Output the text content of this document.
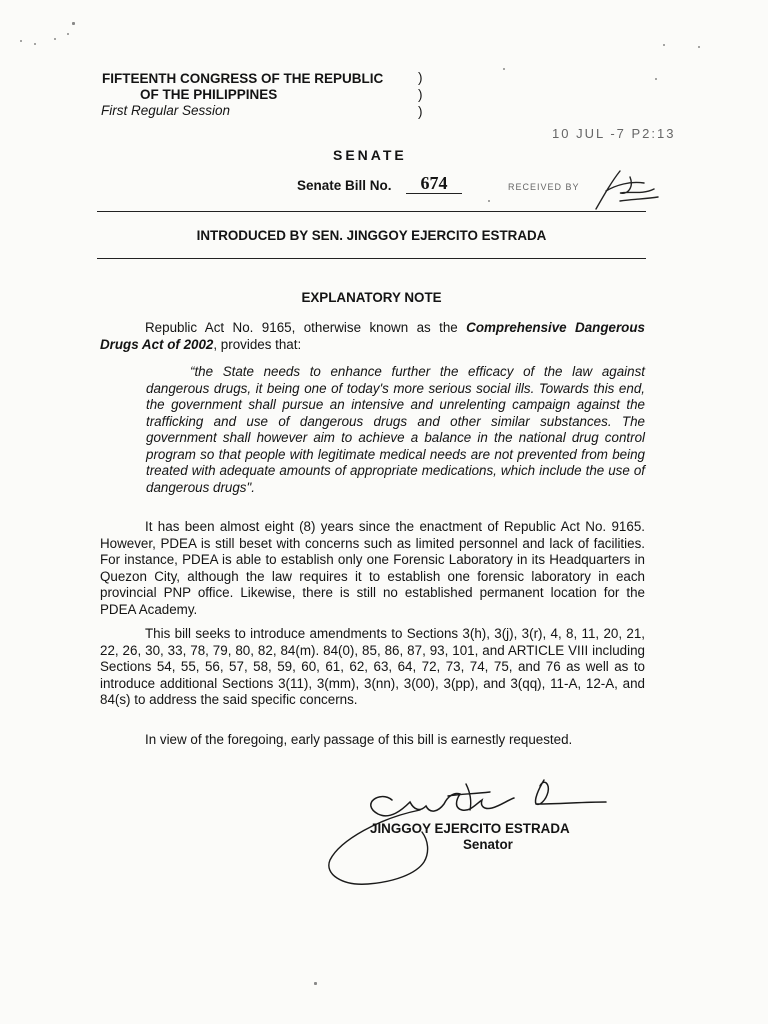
FIFTEENTH CONGRESS OF THE REPUBLIC	)
OF THE PHILIPPINES	)
First Regular Session	)
10 JUL -7 P2:13
RECEIVED BY
SENATE
Senate Bill No.	674
INTRODUCED BY SEN. JINGGOY EJERCITO ESTRADA
EXPLANATORY NOTE
Republic Act No. 9165, otherwise known as the Comprehensive Dangerous Drugs Act of 2002, provides that:
“the State needs to enhance further the efficacy of the law against dangerous drugs, it being one of today's more serious social ills. Towards this end, the government shall pursue an intensive and unrelenting campaign against the trafficking and use of dangerous drugs and other similar substances. The government shall however aim to achieve a balance in the national drug control program so that people with legitimate medical needs are not prevented from being treated with adequate amounts of appropriate medications, which include the use of dangerous drugs".
It has been almost eight (8) years since the enactment of Republic Act No. 9165. However, PDEA is still beset with concerns such as limited personnel and lack of facilities. For instance, PDEA is able to establish only one Forensic Laboratory in its Headquarters in Quezon City, although the law requires it to establish one forensic laboratory in each provincial PNP office. Likewise, there is still no established permanent location for the PDEA Academy.
This bill seeks to introduce amendments to Sections 3(h), 3(j), 3(r), 4, 8, 11, 20, 21, 22, 26, 30, 33, 78, 79, 80, 82, 84(m). 84(0), 85, 86, 87, 93, 101, and ARTICLE VIII including Sections 54, 55, 56, 57, 58, 59, 60, 61, 62, 63, 64, 72, 73, 74, 75, and 76 as well as to introduce additional Sections 3(11), 3(mm), 3(nn), 3(00), 3(pp), and 3(qq), 11-A, 12-A, and 84(s) to address the said specific concerns.
In view of the foregoing, early passage of this bill is earnestly requested.
JINGGOY EJERCITO ESTRADA
Senator
